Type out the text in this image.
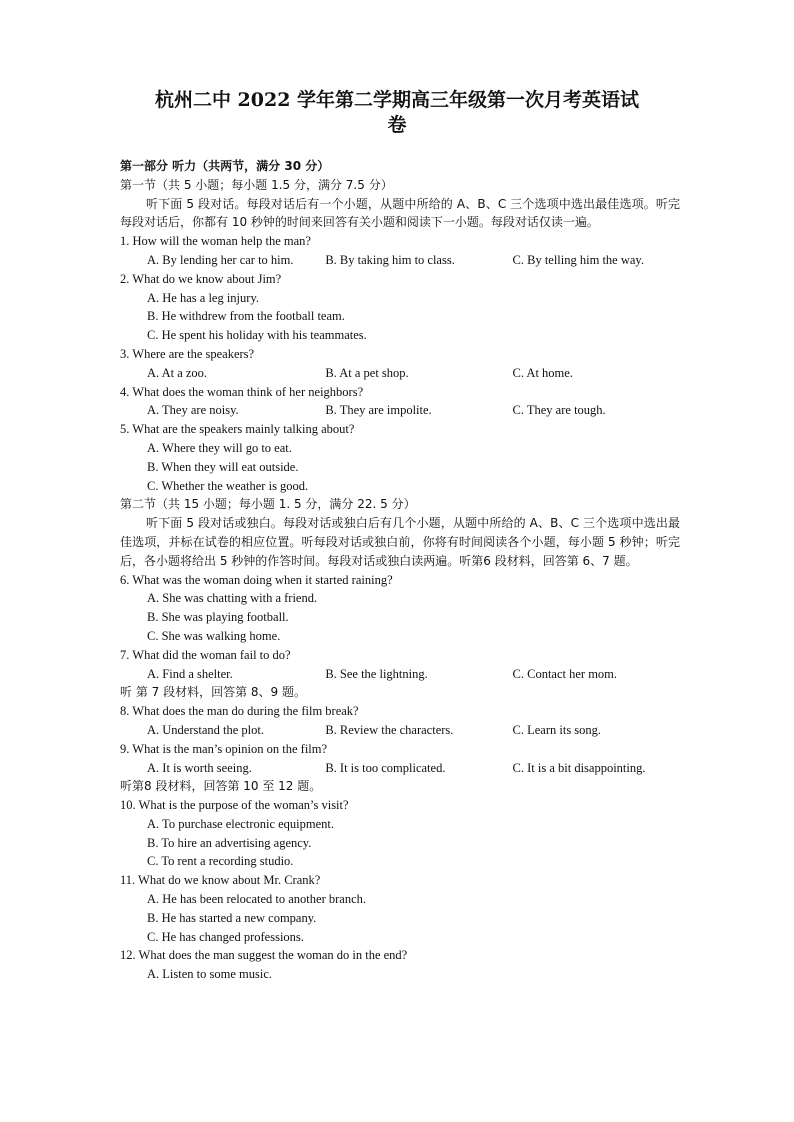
杭州二中 2022 学年第二学期高三年级第一次月考英语试
卷
第一部分 听力（共两节，满分 30 分）
第一节（共 5 小题；每小题 1.5 分，满分 7.5 分）
听下面 5 段对话。每段对话后有一个小题，从题中所给的 A、B、C 三个选项中选出最佳选项。听完每段对话后，你都有 10 秒钟的时间来回答有关小题和阅读下一小题。每段对话仅读一遍。
1. How will the woman help the man?
A. By lending her car to him.	B. By taking him to class.	C. By telling him the way.
2. What do we know about Jim?
A. He has a leg injury.
B. He withdrew from the football team.
C. He spent his holiday with his teammates.
3. Where are the speakers?
A. At a zoo.	B. At a pet shop.	C. At home.
4. What does the woman think of her neighbors?
A. They are noisy.	B. They are impolite.	C. They are tough.
5. What are the speakers mainly talking about?
A. Where they will go to eat.
B. When they will eat outside.
C. Whether the weather is good.
第二节（共 15 小题；每小题 1. 5 分，满分 22. 5 分）
听下面 5 段对话或独白。每段对话或独白后有几个小题，从题中所给的 A、B、C 三个选项中选出最佳选项，并标在试卷的相应位置。听每段对话或独白前，你将有时间阅读各个小题，每小题 5 秒钟；听完后，各小题将给出 5 秒钟的作答时间。每段对话或独白读两遍。听第6 段材料，回答第 6、7 题。
6. What was the woman doing when it started raining?
A. She was chatting with a friend.
B. She was playing football.
C. She was walking home.
7. What did the woman fail to do?
A. Find a shelter.	B. See the lightning.	C. Contact her mom.
听 第 7 段材料，回答第 8、9 题。
8. What does the man do during the film break?
A. Understand the plot.	B. Review the characters.	C. Learn its song.
9. What is the man’s opinion on the film?
A. It is worth seeing.	B. It is too complicated.	C. It is a bit disappointing.
听第8 段材料，回答第 10 至 12 题。
10. What is the purpose of the woman’s visit?
A. To purchase electronic equipment.
B. To hire an advertising agency.
C. To rent a recording studio.
11. What do we know about Mr. Crank?
A. He has been relocated to another branch.
B. He has started a new company.
C. He has changed professions.
12. What does the man suggest the woman do in the end?
A. Listen to some music.
